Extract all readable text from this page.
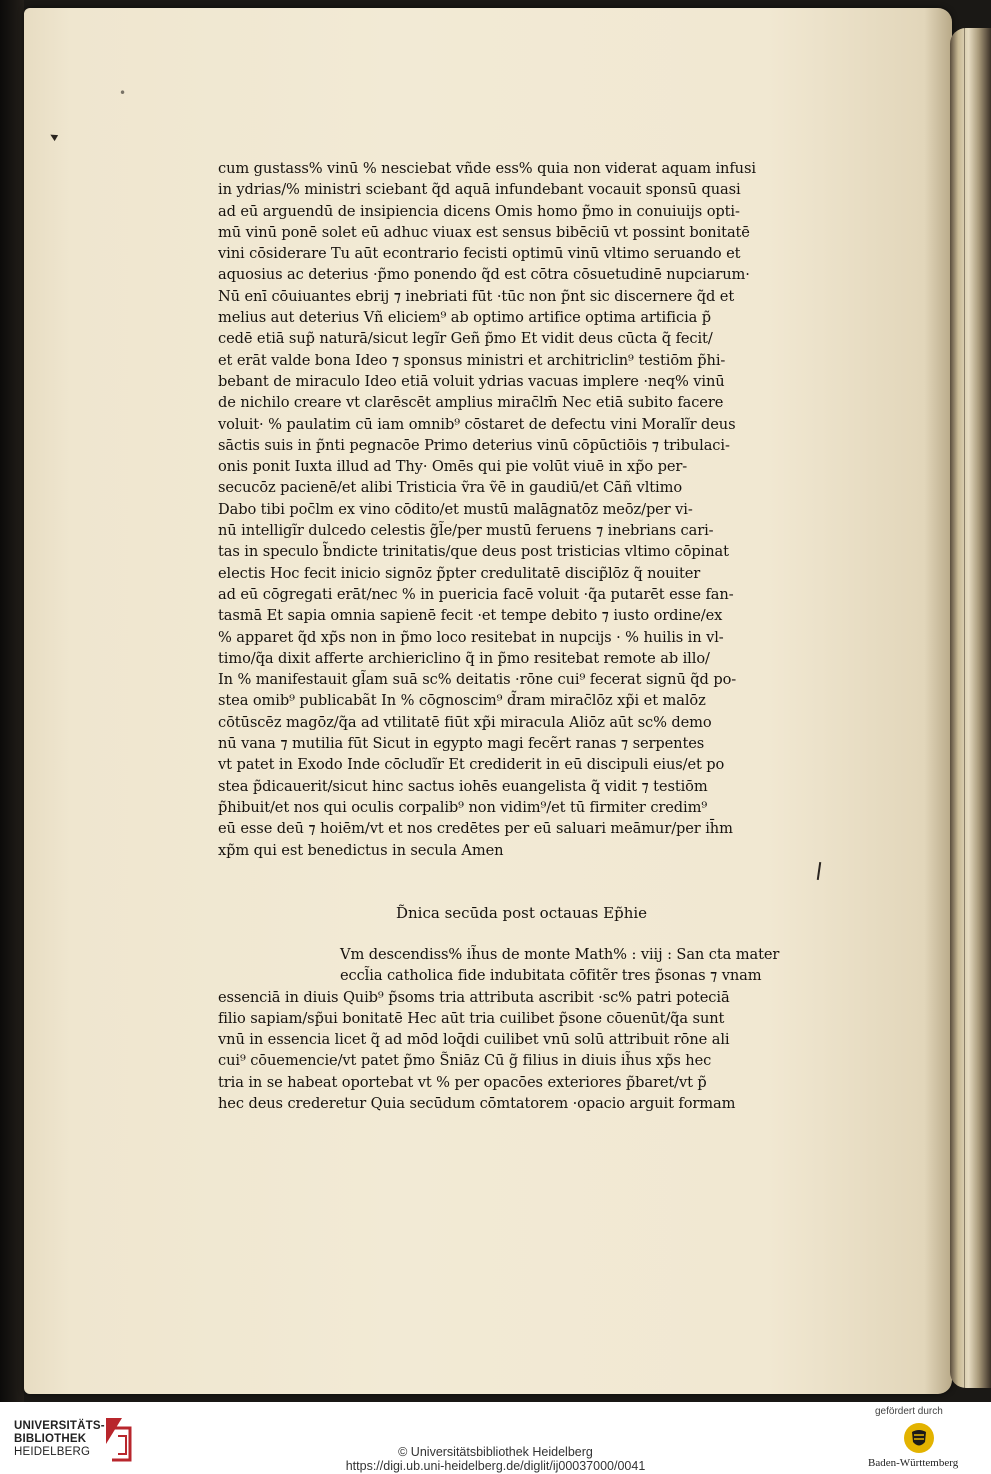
•
◂
cum gustass% vinū % nesciebat vñde ess% quia non viderat aquam infusi
in ydrias/% ministri sciebant q̃d aquā infundebant vocauit sponsū quasi
ad eū arguendū de insipiencia dicens Omis homo p̃mo in conuiuijs opti-
mū vinū ponē solet eū adhuc viuax est sensus bibēciū vt possint bonitatē
vini cōsiderare Tu aūt econtrario fecisti optimū vinū vltimo seruando et
aquosius ac deterius ·p̃mo ponendo q̃d est cōtra cōsuetudinē nupciarum·
Nū enī cōuiuantes ebrij ⁊ inebriati fūt ·tūc non p̃nt sic discernere q̃d et
melius aut deterius Vñ eliciem⁹ ab optimo artifice optima artificia p̃
cedē etiā sup̃ naturā/sicut legĩr Geñ p̃mo Et vidit deus cūcta q̃ fecit/
et erāt valde bona Ideo ⁊ sponsus ministri et architriclin⁹ testiōm p̃hi-
bebant de miraculo Ideo etiā voluit ydrias vacuas implere ·neq% vinū
de nichilo creare vt clarēscēt amplius mirac̄lm̄ Nec etiā subito facere
voluit· % paulatim cū iam omnib⁹ cōstaret de defectu vini Moralĩr deus
sāctis suis in p̃nti pegnacōe Primo deterius vinū cōpūctiōis ⁊ tribulaci-
onis ponit Iuxta illud ad Thy· Omēs qui pie volūt viuē in xp̃o per-
secucōz pacienē/et alibi Tristicia ṽra ṽē in gaudiū/et Cāñ vltimo
Dabo tibi poc̄lm ex vino cōdito/et mustū malāgnatōz meōz/per vi-
nū intelligĩr dulcedo celestis g̃l̃e/per mustū feruens ⁊ inebrians cari-
tas in speculo b̃ndicte trinitatis/que deus post tristicias vltimo cōpinat
electis Hoc fecit inicio signōz p̃pter credulitatē discip̃lōz q̃ nouiter
ad eū cōgregati erāt/nec % in puericia facē voluit ·q̃a putarēt esse fan-
tasmā Et sapia omnia sapienē fecit ·et tempe debito ⁊ iusto ordine/ex
% apparet q̃d xp̃s non in p̃mo loco resitebat in nupcijs · % huilis in vl-
timo/q̃a dixit afferte archiericlino q̃ in p̃mo resitebat remote ab illo/
In % manifestauit gl̃am suā sc% deitatis ·rōne cui⁹ fecerat signū q̃d po-
stea omib⁹ publicabãt In % cōgnoscim⁹ d̃ram mirac̄lōz xp̃i et malōz
cōtūscēz magōz/q̃a ad vtilitatē fiūt xp̃i miracula Aliōz aūt sc% demo
nū vana ⁊ mutilia fūt Sicut in egypto magi fecẽrt ranas ⁊ serpentes
vt patet in Exodo Inde cōcludĩr Et crediderit in eū discipuli eius/et po
stea p̃dicauerit/sicut hinc sactus iohēs euangelista q̃ vidit ⁊ testiōm
p̃hibuit/et nos qui oculis corpalib⁹ non vidim⁹/et tū firmiter credim⁹
eū esse deū ⁊ hoiēm/vt et nos credētes per eū saluari meāmur/per ih̄m
xp̃m qui est benedictus in secula Amen
D̃nica secūda post octauas Ep̃hie
Vm descendiss% ih̃us de monte Math% : viij : San cta mater
eccl̃ia catholica fide indubitata cōfitẽr tres p̃sonas ⁊ vnam
essenciā in diuis Quib⁹ p̃soms tria attributa ascribit ·sc% patri poteciā
filio sapiam/sp̃ui bonitatē Hec aūt tria cuilibet p̃sone cōuenūt/q̃a sunt
vnū in essencia licet q̃ ad mōd loq̄di cuilibet vnū solū attribuit rōne ali
cui⁹ cōuemencie/vt patet p̃mo S̃niāz Cū g̃ filius in diuis ih̃us xp̃s hec
tria in se habeat oportebat vt % per opacōes exteriores p̃baret/vt p̃
hec deus crederetur Quia secūdum cōmtatorem ·opacio arguit formam
UNIVERSITÄTS-
BIBLIOTHEK
HEIDELBERG	© Universitätsbibliothek Heidelberg
https://digi.ub.uni-heidelberg.de/diglit/ij00037000/0041
gefördert durch
Baden-Württemberg
